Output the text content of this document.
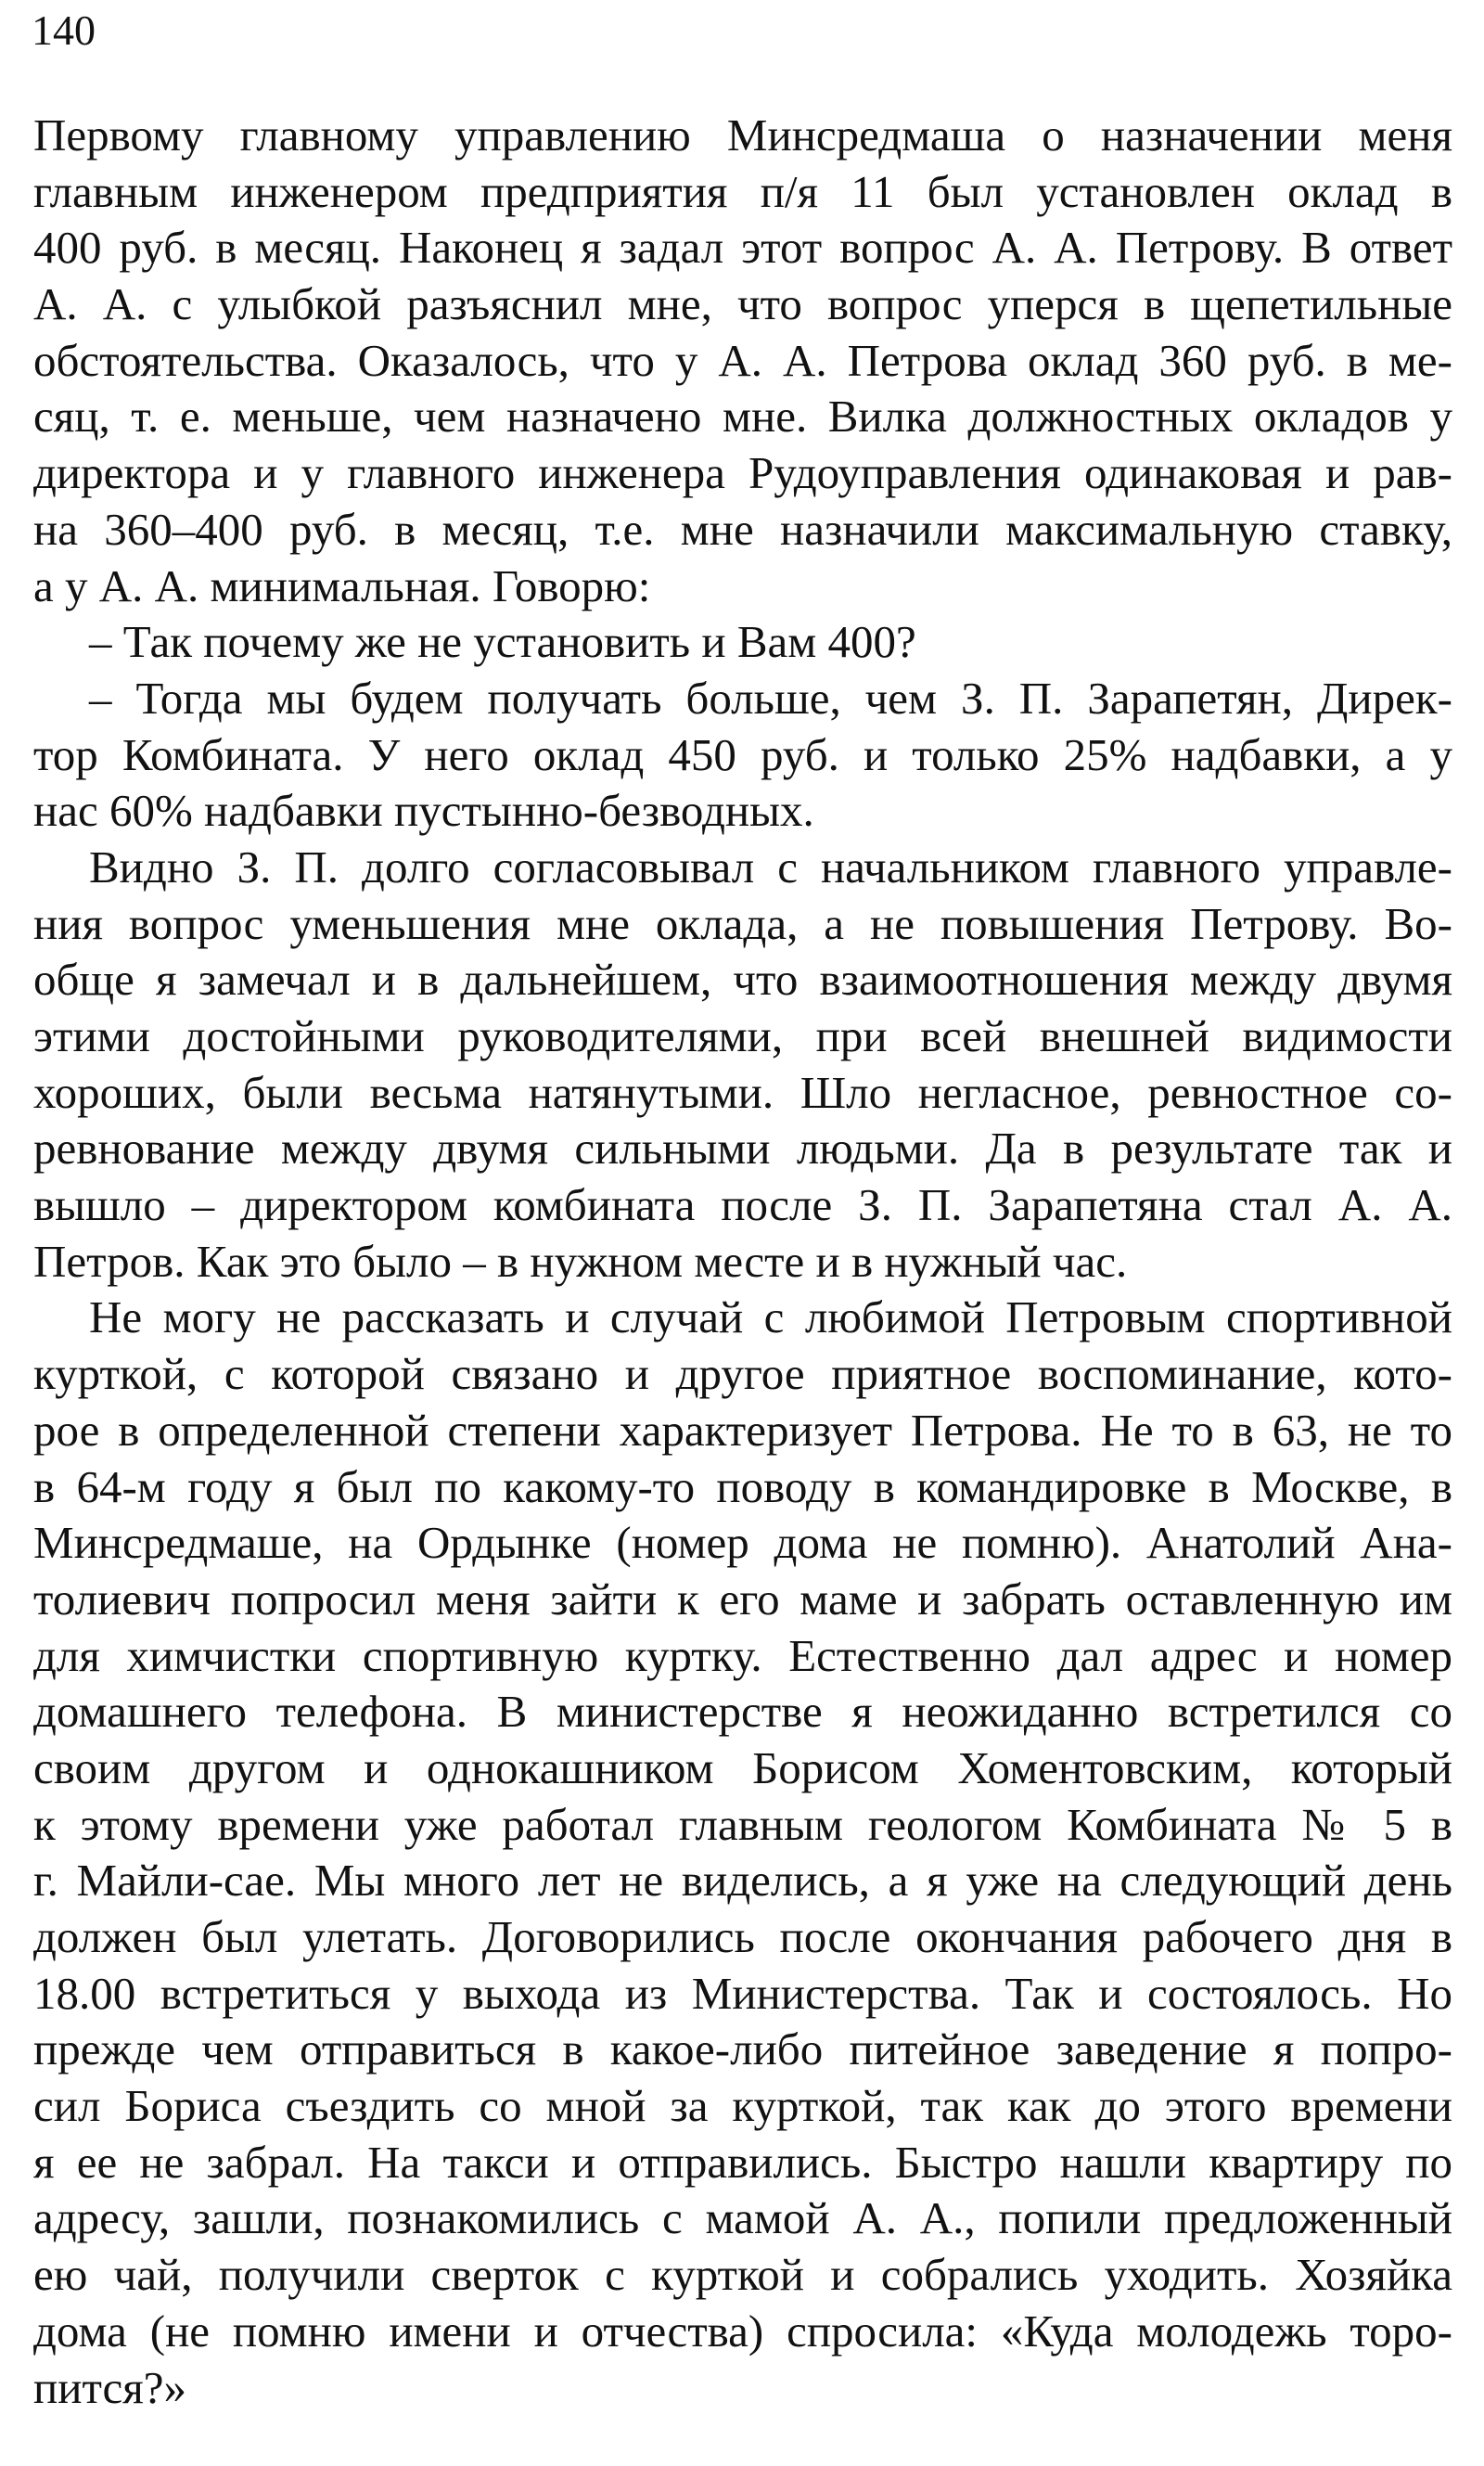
140

Первому главному управлению Минсредмаша о назначении меня
главным инженером предприятия п/я 11 был установлен оклад в
400 руб. в месяц. Наконец я задал этот вопрос А. А. Петрову. В ответ
А. А. с улыбкой разъяснил мне, что вопрос уперся в щепетильные
обстоятельства. Оказалось, что у А. А. Петрова оклад 360 руб. в ме-
сяц, т. е. меньше, чем назначено мне. Вилка должностных окладов у
директора и у главного инженера Рудоуправления одинаковая и рав-
на 360–400 руб. в месяц, т.е. мне назначили максимальную ставку,
а у А. А. минимальная. Говорю:
– Так почему же не установить и Вам 400?
– Тогда мы будем получать больше, чем З. П. Зарапетян, Дирек-
тор Комбината. У него оклад 450 руб. и только 25% надбавки, а у
нас 60% надбавки пустынно-безводных.
Видно З. П. долго согласовывал с начальником главного управле-
ния вопрос уменьшения мне оклада, а не повышения Петрову. Во-
обще я замечал и в дальнейшем, что взаимоотношения между двумя
этими достойными руководителями, при всей внешней видимости
хороших, были весьма натянутыми. Шло негласное, ревностное со-
ревнование между двумя сильными людьми. Да в результате так и
вышло – директором комбината после З. П. Зарапетяна стал А. А.
Петров. Как это было – в нужном месте и в нужный час.
Не могу не рассказать и случай с любимой Петровым спортивной
курткой, с которой связано и другое приятное воспоминание, кото-
рое в определенной степени характеризует Петрова. Не то в 63, не то
в 64-м году я был по какому-то поводу в командировке в Москве, в
Минсредмаше, на Ордынке (номер дома не помню). Анатолий Ана-
толиевич попросил меня зайти к его маме и забрать оставленную им
для химчистки спортивную куртку. Естественно дал адрес и номер
домашнего телефона. В министерстве я неожиданно встретился со
своим другом и однокашником Борисом Хоментовским, который
к этому времени уже работал главным геологом Комбината № 5 в
г. Майли-сае. Мы много лет не виделись, а я уже на следующий день
должен был улетать. Договорились после окончания рабочего дня в
18.00 встретиться у выхода из Министерства. Так и состоялось. Но
прежде чем отправиться в какое-либо питейное заведение я попро-
сил Бориса съездить со мной за курткой, так как до этого времени
я ее не забрал. На такси и отправились. Быстро нашли квартиру по
адресу, зашли, познакомились с мамой А. А., попили предложенный
ею чай, получили сверток с курткой и собрались уходить. Хозяйка
дома (не помню имени и отчества) спросила: «Куда молодежь торо-
пится?»
